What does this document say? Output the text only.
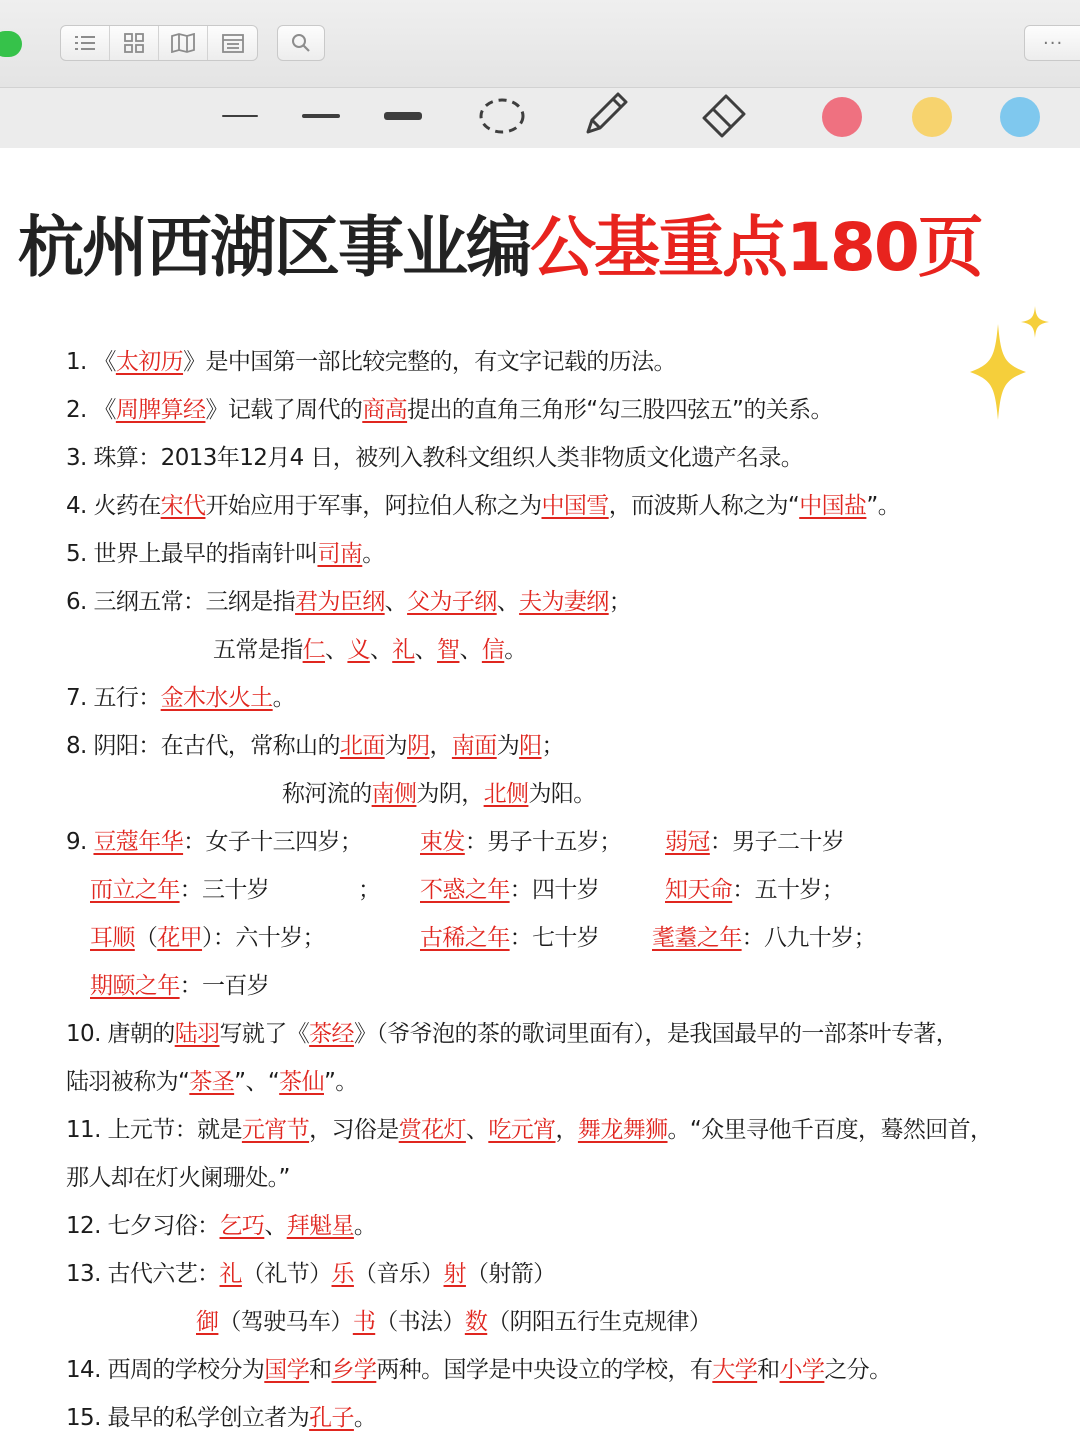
···
杭州西湖区事业编公基重点180页
1. 《太初历》是中国第一部比较完整的，有文字记载的历法。
2. 《周脾算经》记载了周代的商高提出的直角三角形“勾三股四弦五”的关系。
3. 珠算：2013年12月4 日，被列入教科文组织人类非物质文化遗产名录。
4. 火药在宋代开始应用于军事，阿拉伯人称之为中国雪，而波斯人称之为“中国盐”。
5. 世界上最早的指南针叫司南。
6. 三纲五常：三纲是指君为臣纲、父为子纲、夫为妻纲；
五常是指仁、义、礼、智、信。
7. 五行：金木水火土。
8. 阴阳：在古代，常称山的北面为阴，南面为阳；
称河流的南侧为阴，北侧为阳。
9. 豆蔻年华：女子十三四岁；	束发：男子十五岁； 弱冠：男子二十岁
而立之年：三十岁	； 不惑之年：四十岁	知天命：五十岁；
耳顺（花甲）：六十岁；	古稀之年：七十岁 耄耋之年：八九十岁；
期颐之年：一百岁
10. 唐朝的陆羽写就了《茶经》（爷爷泡的茶的歌词里面有），是我国最早的一部茶叶专著，
陆羽被称为“茶圣”、“茶仙”。
11. 上元节：就是元宵节，习俗是赏花灯、吃元宵，舞龙舞狮。“众里寻他千百度，蓦然回首，
那人却在灯火阑珊处。”
12. 七夕习俗：乞巧、拜魁星。
13. 古代六艺：礼（礼节）乐（音乐）射（射箭）
御（驾驶马车）书（书法）数（阴阳五行生克规律）
14. 西周的学校分为国学和乡学两种。国学是中央设立的学校，有大学和小学之分。
15. 最早的私学创立者为孔子。
